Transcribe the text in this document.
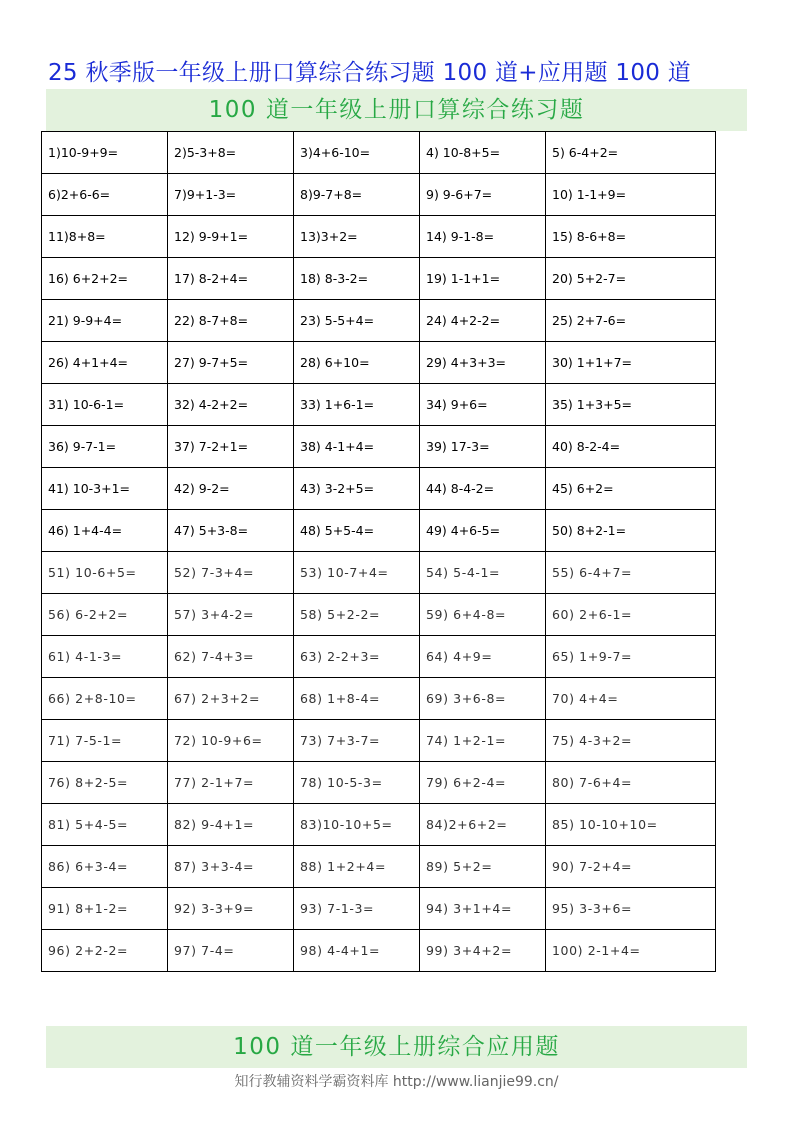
25 秋季版一年级上册口算综合练习题 100 道+应用题 100 道
100 道一年级上册口算综合练习题
1)10-9+9=	2)5-3+8=	3)4+6-10=	4) 10-8+5=	5) 6-4+2=
6)2+6-6=	7)9+1-3=	8)9-7+8=	9) 9-6+7=	10) 1-1+9=
11)8+8=	12) 9-9+1=	13)3+2=	14) 9-1-8=	15) 8-6+8=
16) 6+2+2=	17) 8-2+4=	18) 8-3-2=	19) 1-1+1=	20) 5+2-7=
21) 9-9+4=	22) 8-7+8=	23) 5-5+4=	24) 4+2-2=	25) 2+7-6=
26) 4+1+4=	27) 9-7+5=	28) 6+10=	29) 4+3+3=	30) 1+1+7=
31) 10-6-1=	32) 4-2+2=	33) 1+6-1=	34) 9+6=	35) 1+3+5=
36) 9-7-1=	37) 7-2+1=	38) 4-1+4=	39) 17-3=	40) 8-2-4=
41) 10-3+1=	42) 9-2=	43) 3-2+5=	44) 8-4-2=	45) 6+2=
46) 1+4-4=	47) 5+3-8=	48) 5+5-4=	49) 4+6-5=	50) 8+2-1=
51) 10-6+5=	52) 7-3+4=	53) 10-7+4=	54) 5-4-1=	55) 6-4+7=
56) 6-2+2=	57) 3+4-2=	58) 5+2-2=	59) 6+4-8=	60) 2+6-1=
61) 4-1-3=	62) 7-4+3=	63) 2-2+3=	64) 4+9=	65) 1+9-7=
66) 2+8-10=	67) 2+3+2=	68) 1+8-4=	69) 3+6-8=	70) 4+4=
71) 7-5-1=	72) 10-9+6=	73) 7+3-7=	74) 1+2-1=	75) 4-3+2=
76) 8+2-5=	77) 2-1+7=	78) 10-5-3=	79) 6+2-4=	80) 7-6+4=
81) 5+4-5=	82) 9-4+1=	83)10-10+5=	84)2+6+2=	85) 10-10+10=
86) 6+3-4=	87) 3+3-4=	88) 1+2+4=	89) 5+2=	90) 7-2+4=
91) 8+1-2=	92) 3-3+9=	93) 7-1-3=	94) 3+1+4=	95) 3-3+6=
96) 2+2-2=	97) 7-4=	98) 4-4+1=	99) 3+4+2=	100) 2-1+4=
100 道一年级上册综合应用题
知行教辅资料学霸资料库 http://www.lianjie99.cn/
